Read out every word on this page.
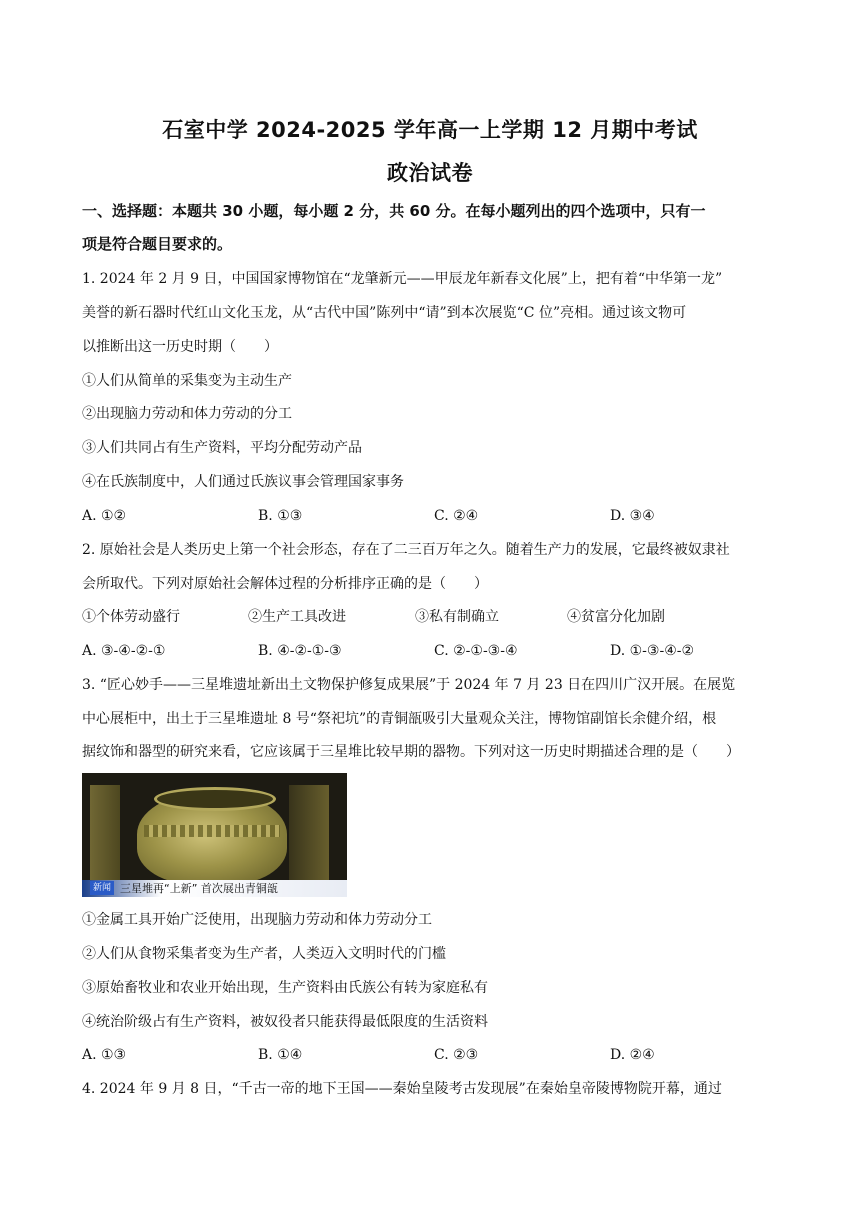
石室中学 2024-2025 学年高一上学期 12 月期中考试
政治试卷
一、选择题：本题共 30 小题，每小题 2 分，共 60 分。在每小题列出的四个选项中，只有一
项是符合题目要求的。
1. 2024 年 2 月 9 日，中国国家博物馆在“龙肇新元——甲辰龙年新春文化展”上，把有着“中华第一龙”
美誉的新石器时代红山文化玉龙，从“古代中国”陈列中“请”到本次展览“C 位”亮相。通过该文物可
以推断出这一历史时期（　　）
①人们从简单的采集变为主动生产
②出现脑力劳动和体力劳动的分工
③人们共同占有生产资料，平均分配劳动产品
④在氏族制度中，人们通过氏族议事会管理国家事务
A. ①②	B. ①③	C. ②④	D. ③④
2. 原始社会是人类历史上第一个社会形态，存在了二三百万年之久。随着生产力的发展，它最终被奴隶社
会所取代。下列对原始社会解体过程的分析排序正确的是（　　）
①个体劳动盛行	②生产工具改进	③私有制确立	④贫富分化加剧
A. ③-④-②-①	B. ④-②-①-③	C. ②-①-③-④	D. ①-③-④-②
3. “匠心妙手——三星堆遗址新出土文物保护修复成果展”于 2024 年 7 月 23 日在四川广汉开展。在展览
中心展柜中，出土于三星堆遗址 8 号“祭祀坑”的青铜瓿吸引大量观众关注，博物馆副馆长余健介绍，根
据纹饰和器型的研究来看，它应该属于三星堆比较早期的器物。下列对这一历史时期描述合理的是（　　）
新闻 三星堆再“上新” 首次展出青铜瓿
①金属工具开始广泛使用，出现脑力劳动和体力劳动分工
②人们从食物采集者变为生产者，人类迈入文明时代的门槛
③原始畜牧业和农业开始出现，生产资料由氏族公有转为家庭私有
④统治阶级占有生产资料，被奴役者只能获得最低限度的生活资料
A. ①③	B. ①④	C. ②③	D. ②④
4. 2024 年 9 月 8 日，“千古一帝的地下王国——秦始皇陵考古发现展”在秦始皇帝陵博物院开幕，通过
